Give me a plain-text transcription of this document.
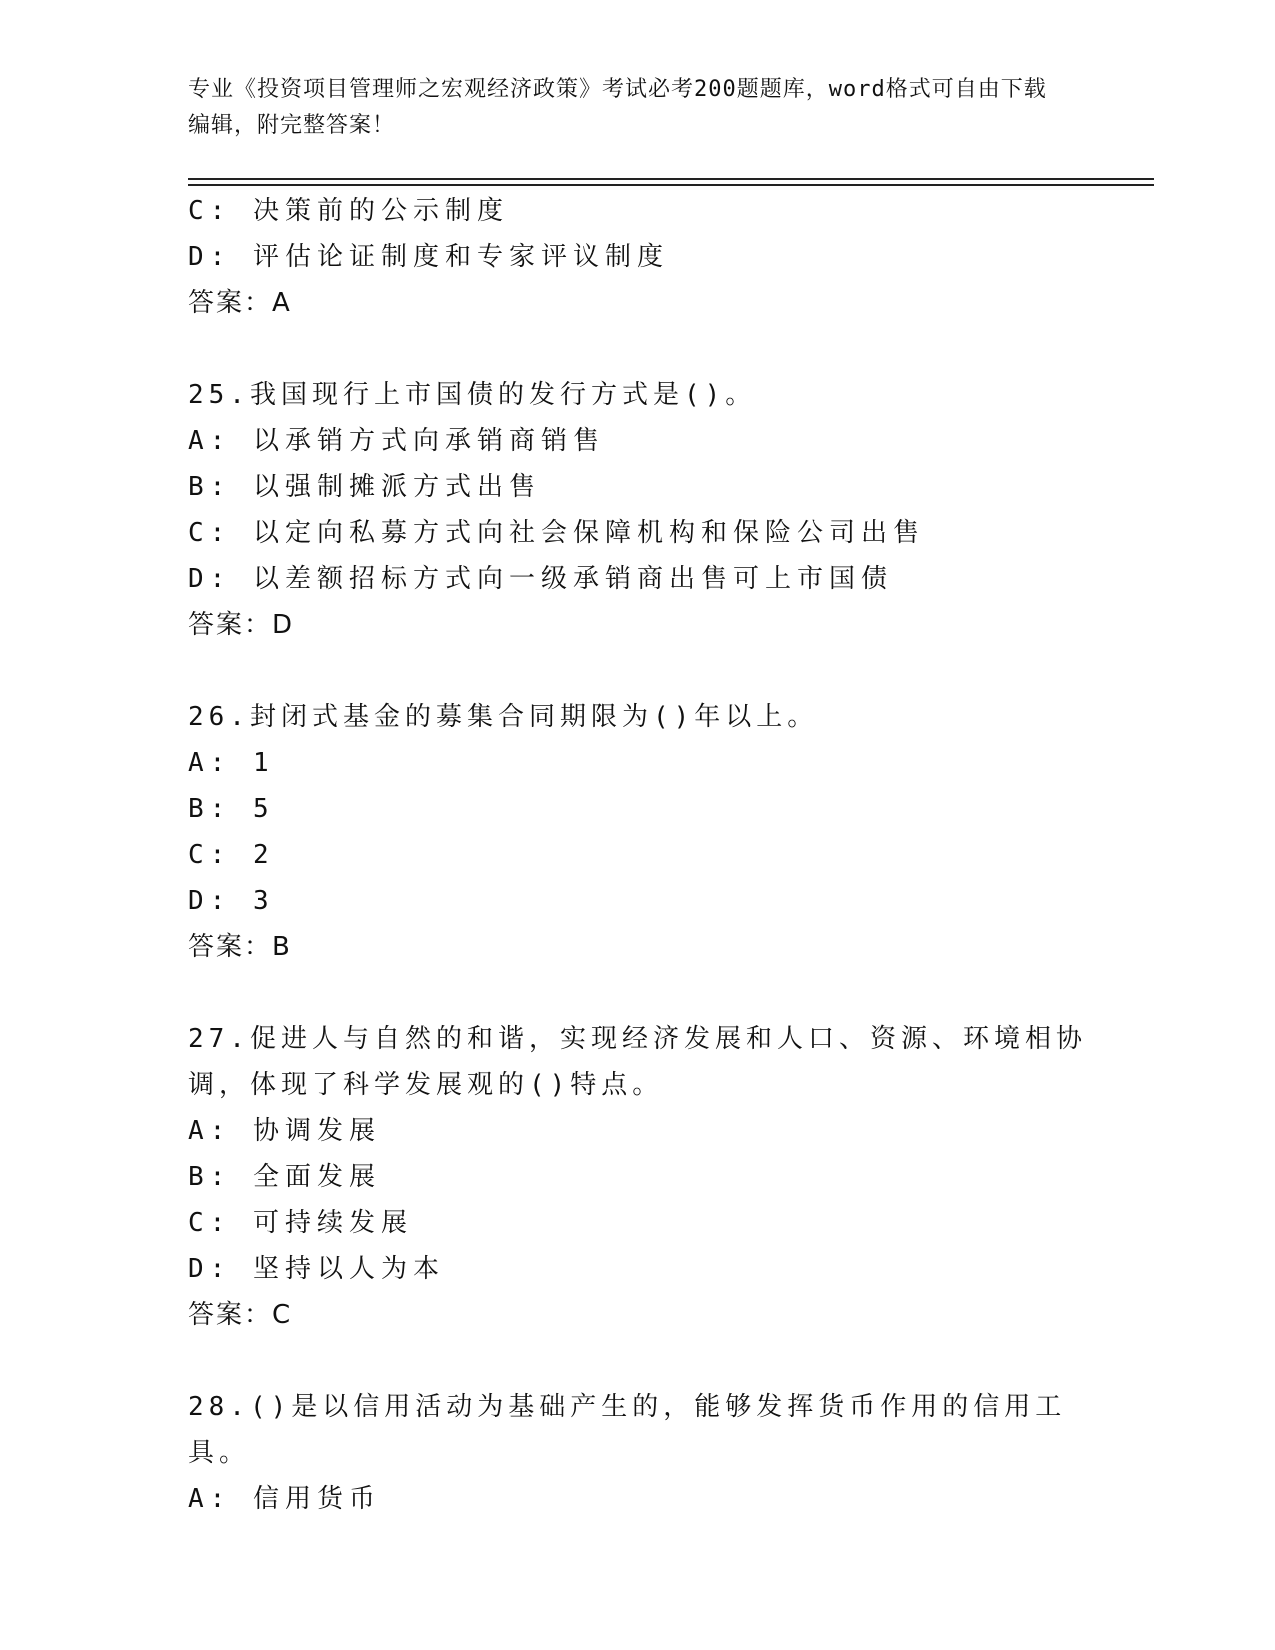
专业《投资项目管理师之宏观经济政策》考试必考200题题库，word格式可自由下载编辑，附完整答案！
C: 决策前的公示制度
D: 评估论证制度和专家评议制度
答案：A
25.我国现行上市国债的发行方式是()。
A: 以承销方式向承销商销售
B: 以强制摊派方式出售
C: 以定向私募方式向社会保障机构和保险公司出售
D: 以差额招标方式向一级承销商出售可上市国债
答案：D
26.封闭式基金的募集合同期限为()年以上。
A: 1
B: 5
C: 2
D: 3
答案：B
27.促进人与自然的和谐，实现经济发展和人口、资源、环境相协调，体现了科学发展观的()特点。
A: 协调发展
B: 全面发展
C: 可持续发展
D: 坚持以人为本
答案：C
28.()是以信用活动为基础产生的，能够发挥货币作用的信用工具。
A: 信用货币
